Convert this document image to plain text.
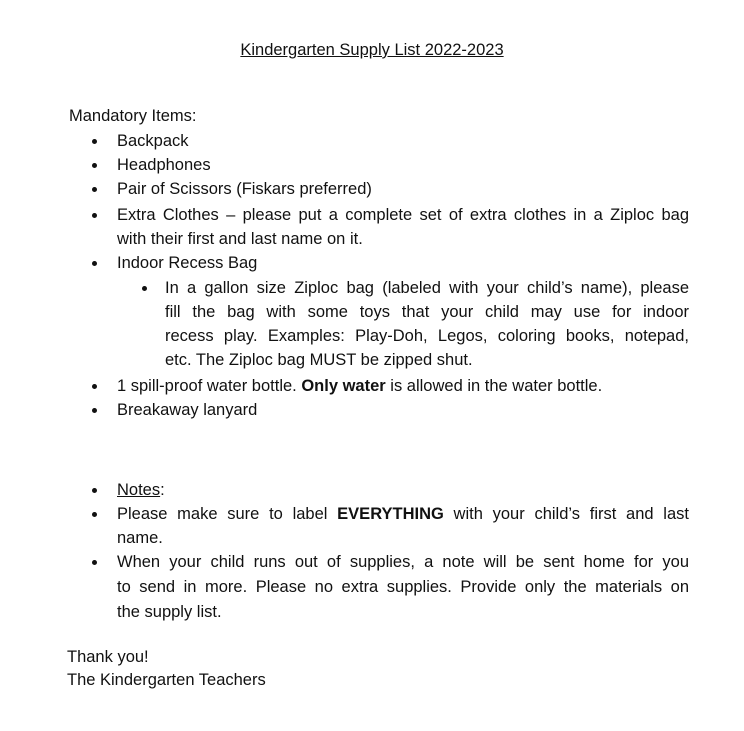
Kindergarten Supply List 2022-2023
Mandatory Items:
Backpack
Headphones
Pair of Scissors (Fiskars preferred)
Extra Clothes – please put a complete set of extra clothes in a Ziploc bag
with their first and last name on it.
Indoor Recess Bag
In a gallon size Ziploc bag (labeled with your child’s name), please
fill the bag with some toys that your child may use for indoor
recess play. Examples: Play-Doh, Legos, coloring books, notepad,
etc. The Ziploc bag MUST be zipped shut.
1 spill-proof water bottle. Only water is allowed in the water bottle.
Breakaway lanyard
Notes:
Please make sure to label EVERYTHING with your child’s first and last
name.
When your child runs out of supplies, a note will be sent home for you
to send in more. Please no extra supplies. Provide only the materials on
the supply list.
Thank you!
The Kindergarten Teachers
